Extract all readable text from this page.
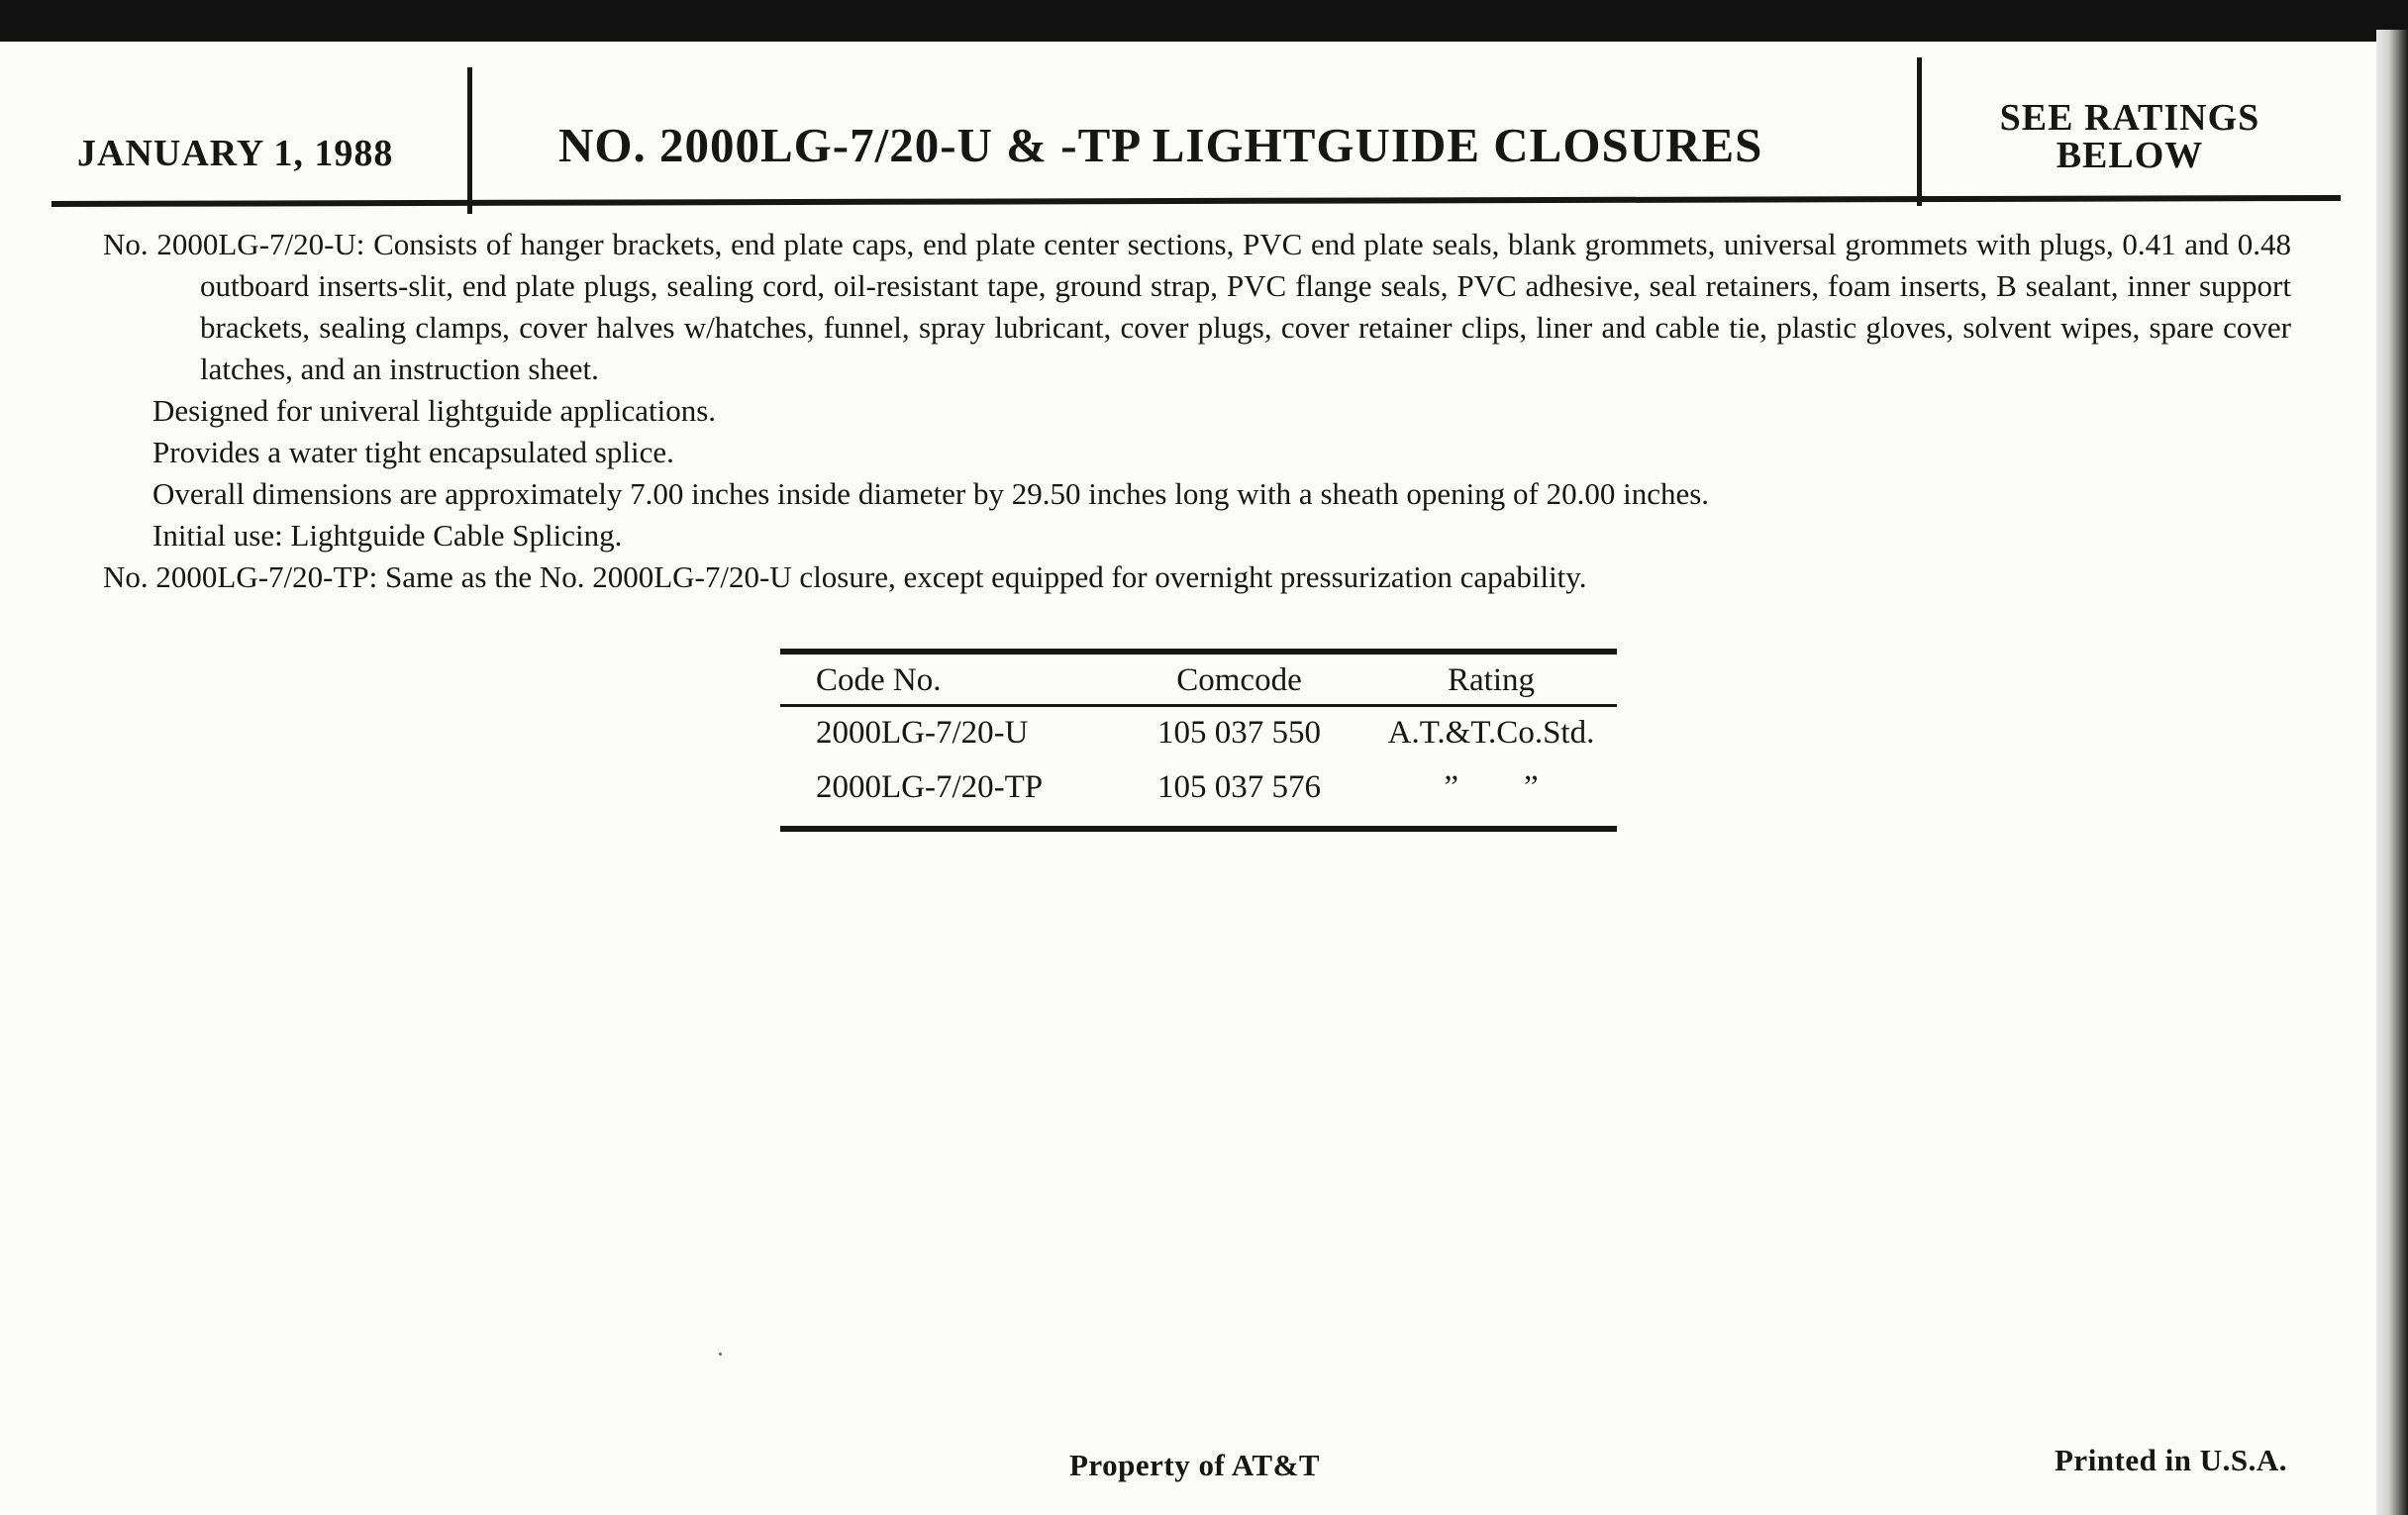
JANUARY 1, 1988	NO. 2000LG-7/20-U & -TP LIGHTGUIDE CLOSURES	SEE RATINGS
BELOW

No. 2000LG-7/20-U: Consists of hanger brackets, end plate caps, end plate center sections, PVC end plate seals, blank grommets, universal grommets with plugs, 0.41 and 0.48 outboard inserts-slit, end plate plugs, sealing cord, oil-resistant tape, ground strap, PVC flange seals, PVC adhesive, seal retainers, foam inserts, B sealant, inner support brackets, sealing clamps, cover halves w/hatches, funnel, spray lubricant, cover plugs, cover retainer clips, liner and cable tie, plastic gloves, solvent wipes, spare cover latches, and an instruction sheet.

Designed for univeral lightguide applications.

Provides a water tight encapsulated splice.

Overall dimensions are approximately 7.00 inches inside diameter by 29.50 inches long with a sheath opening of 20.00 inches.

Initial use: Lightguide Cable Splicing.

No. 2000LG-7/20-TP: Same as the No. 2000LG-7/20-U closure, except equipped for overnight pressurization capability.

Code No.	Comcode	Rating
2000LG-7/20-U	105 037 550	A.T.&T.Co.Std.
2000LG-7/20-TP	105 037 576	”        ”
Property of AT&T	Printed in U.S.A.
